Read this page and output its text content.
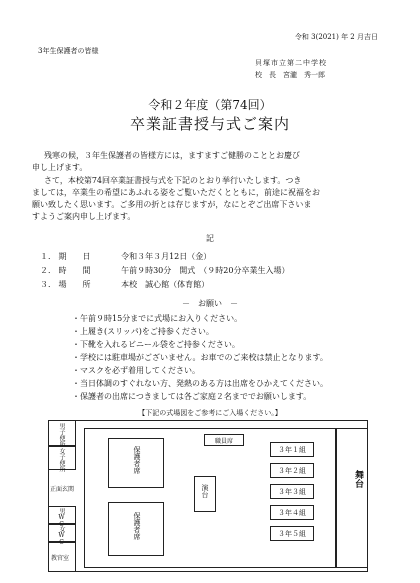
令和 3(2021) 年 2 月吉日
3年生保護者の皆様
貝塚市立第二中学校
校　長　宮瀧　秀一郎
令和２年度（第74回）
卒業証書授与式ご案内
残寒の候，３年生保護者の皆様方には，ますますご健勝のこととお慶び
申し上げます。
さて，本校第74回卒業証書授与式を下記のとおり挙行いたします。つき
ましては，卒業生の希望にあふれる姿をご覧いただくとともに，前途に祝福をお
願い致したく思います。ご多用の折とは存じますが，なにとぞご出席下さいま
すようご案内申し上げます。
記
１． 期　　日	令和３年３月12日（金）
２． 時　　間	午前９時30分　開式　（９時20分卒業生入場）
３． 場　　所	本校　誠心館（体育館）
－　お願い　－
・午前９時15分までに式場にお入りください。
・上履き(スリッパ)をご持参ください。
・下靴を入れるビニール袋をご持参ください。
・学校には駐車場がございません。お車でのご来校は禁止となります。
・マスクを必ず着用してください。
・当日体調のすぐれない方、発熱のある方は出席をひかえてください。
・保護者の出席につきましては各ご家庭２名まででお願いします。
【下記の式場図をご参考にご入場ください。】
男子便所
女子便所
正面玄関
男WC
女WC
教官室
保護者席
保護者席
職員席
演台
３年１組
３年２組
３年３組
３年４組
３年５組
舞台
